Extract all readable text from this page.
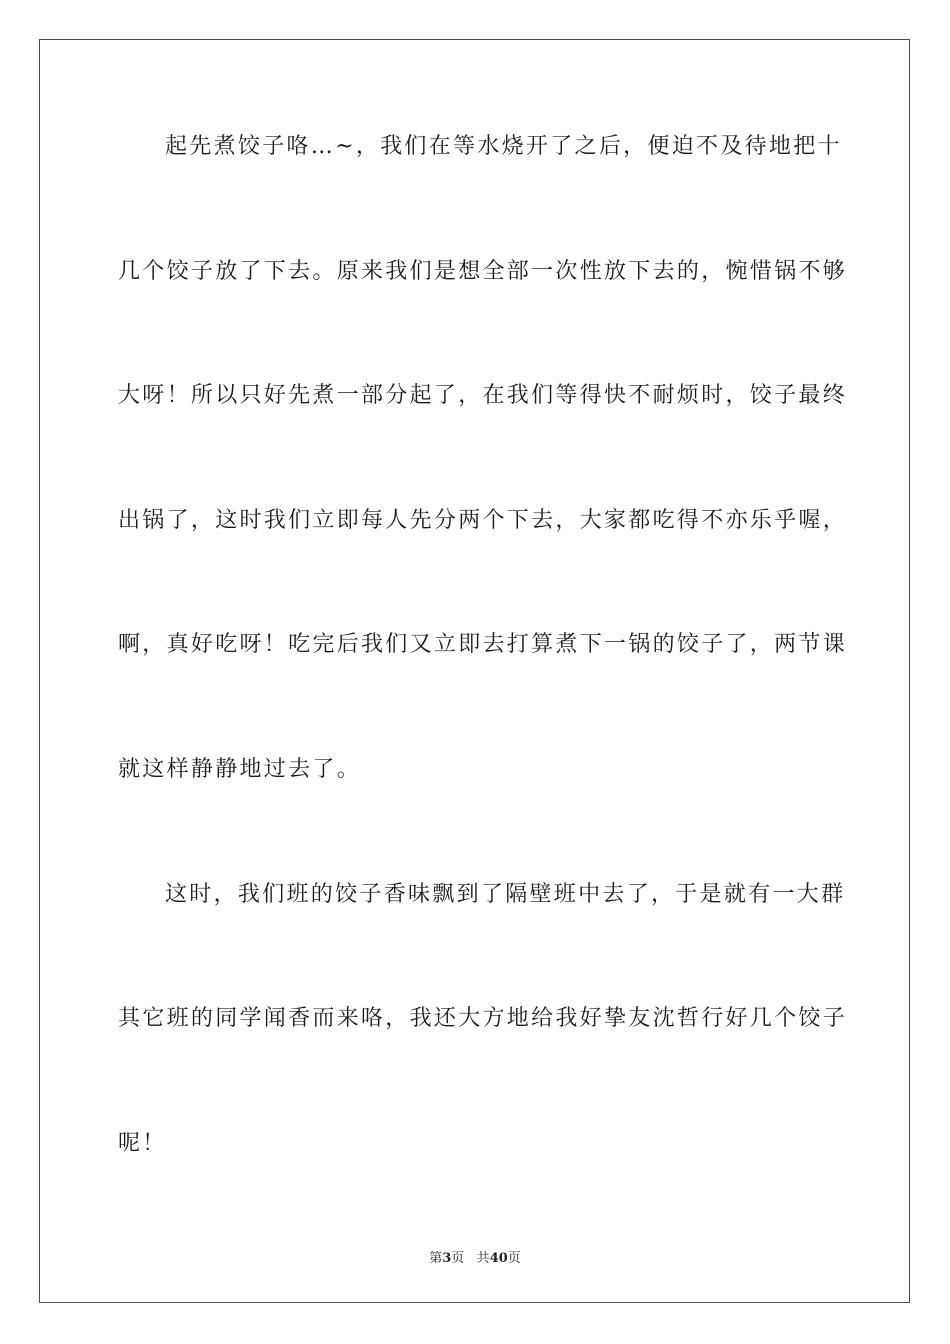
起先煮饺子咯…~，我们在等水烧开了之后，便迫不及待地把十
几个饺子放了下去。原来我们是想全部一次性放下去的，惋惜锅不够
大呀！所以只好先煮一部分起了，在我们等得快不耐烦时，饺子最终
出锅了，这时我们立即每人先分两个下去，大家都吃得不亦乐乎喔，
啊，真好吃呀！吃完后我们又立即去打算煮下一锅的饺子了，两节课
就这样静静地过去了。
这时，我们班的饺子香味飘到了隔壁班中去了，于是就有一大群
其它班的同学闻香而来咯，我还大方地给我好挚友沈哲行好几个饺子
呢！
第3页 共40页
